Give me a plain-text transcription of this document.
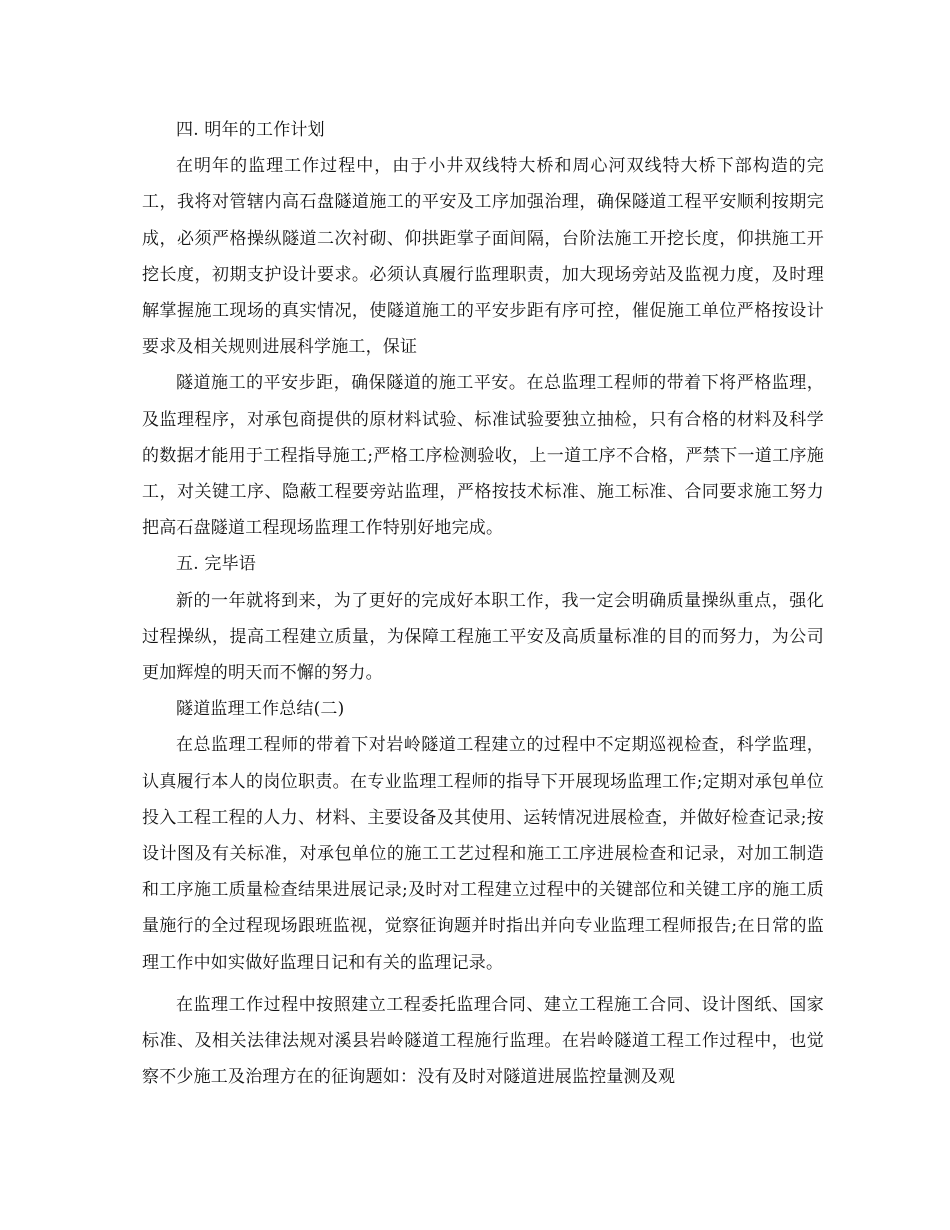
四. 明年的工作计划

在明年的监理工作过程中，由于小井双线特大桥和周心河双线特大桥下部构造的完工，我将对管辖内高石盘隧道施工的平安及工序加强治理，确保隧道工程平安顺利按期完成，必须严格操纵隧道二次衬砌、仰拱距掌子面间隔，台阶法施工开挖长度，仰拱施工开挖长度，初期支护设计要求。必须认真履行监理职责，加大现场旁站及监视力度，及时理解掌握施工现场的真实情况，使隧道施工的平安步距有序可控，催促施工单位严格按设计要求及相关规则进展科学施工，保证

隧道施工的平安步距，确保隧道的施工平安。在总监理工程师的带着下将严格监理，及监理程序，对承包商提供的原材料试验、标准试验要独立抽检，只有合格的材料及科学的数据才能用于工程指导施工;严格工序检测验收，上一道工序不合格，严禁下一道工序施工，对关键工序、隐蔽工程要旁站监理，严格按技术标准、施工标准、合同要求施工努力把高石盘隧道工程现场监理工作特别好地完成。

五. 完毕语

新的一年就将到来，为了更好的完成好本职工作，我一定会明确质量操纵重点，强化过程操纵，提高工程建立质量，为保障工程施工平安及高质量标准的目的而努力，为公司更加辉煌的明天而不懈的努力。

隧道监理工作总结(二)

在总监理工程师的带着下对岩岭隧道工程建立的过程中不定期巡视检查，科学监理，认真履行本人的岗位职责。在专业监理工程师的指导下开展现场监理工作;定期对承包单位投入工程工程的人力、材料、主要设备及其使用、运转情况进展检查，并做好检查记录;按设计图及有关标准，对承包单位的施工工艺过程和施工工序进展检查和记录，对加工制造和工序施工质量检查结果进展记录;及时对工程建立过程中的关键部位和关键工序的施工质量施行的全过程现场跟班监视，觉察征询题并时指出并向专业监理工程师报告;在日常的监理工作中如实做好监理日记和有关的监理记录。

在监理工作过程中按照建立工程委托监理合同、建立工程施工合同、设计图纸、国家标准、及相关法律法规对溪县岩岭隧道工程施行监理。在岩岭隧道工程工作过程中，也觉察不少施工及治理方在的征询题如：没有及时对隧道进展监控量测及观
